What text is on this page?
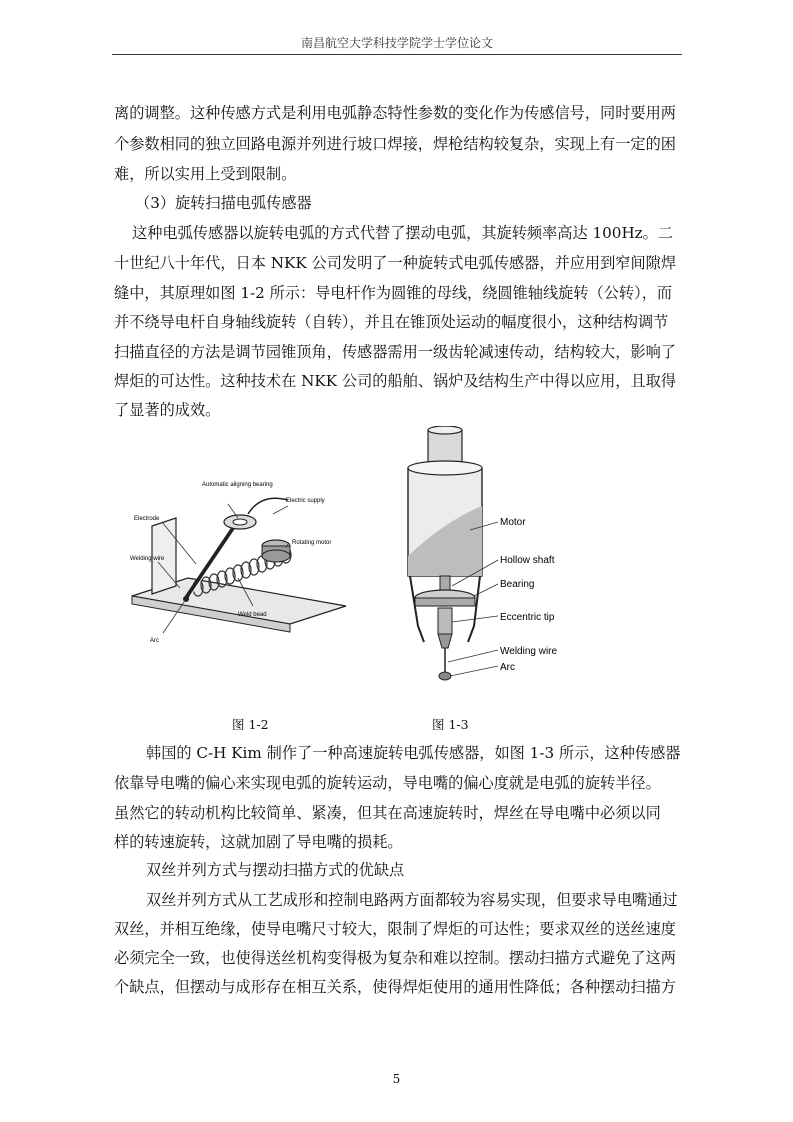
南昌航空大学科技学院学士学位论文
离的调整。这种传感方式是利用电弧静态特性参数的变化作为传感信号，同时要用两
个参数相同的独立回路电源并列进行坡口焊接，焊枪结构较复杂，实现上有一定的困
难，所以实用上受到限制。
（3）旋转扫描电弧传感器
这种电弧传感器以旋转电弧的方式代替了摆动电弧，其旋转频率高达 100Hz。二
十世纪八十年代，日本 NKK 公司发明了一种旋转式电弧传感器，并应用到窄间隙焊
缝中，其原理如图 1-2 所示：导电杆作为圆锥的母线，绕圆锥轴线旋转（公转），而
并不绕导电杆自身轴线旋转（自转），并且在锥顶处运动的幅度很小，这种结构调节
扫描直径的方法是调节园锥顶角，传感器需用一级齿轮减速传动，结构较大，影响了
焊炬的可达性。这种技术在 NKK 公司的船舶、锅炉及结构生产中得以应用，且取得
了显著的成效。
Automatic aligning bearing
Electric supply
Rotating motor
Electrode
Welding wire
Weld bead
Arc
Motor
Hollow shaft
Bearing
Eccentric tip
Welding wire
Arc
图 1-2	图 1-3
韩国的 C-H Kim 制作了一种高速旋转电弧传感器，如图 1-3 所示，这种传感器
依靠导电嘴的偏心来实现电弧的旋转运动，导电嘴的偏心度就是电弧的旋转半径。
虽然它的转动机构比较简单、紧凑，但其在高速旋转时，焊丝在导电嘴中必须以同
样的转速旋转，这就加剧了导电嘴的损耗。
双丝并列方式与摆动扫描方式的优缺点
双丝并列方式从工艺成形和控制电路两方面都较为容易实现，但要求导电嘴通过
双丝，并相互绝缘，使导电嘴尺寸较大，限制了焊炬的可达性；要求双丝的送丝速度
必须完全一致，也使得送丝机构变得极为复杂和难以控制。摆动扫描方式避免了这两
个缺点，但摆动与成形存在相互关系，使得焊炬使用的通用性降低；各种摆动扫描方
5
